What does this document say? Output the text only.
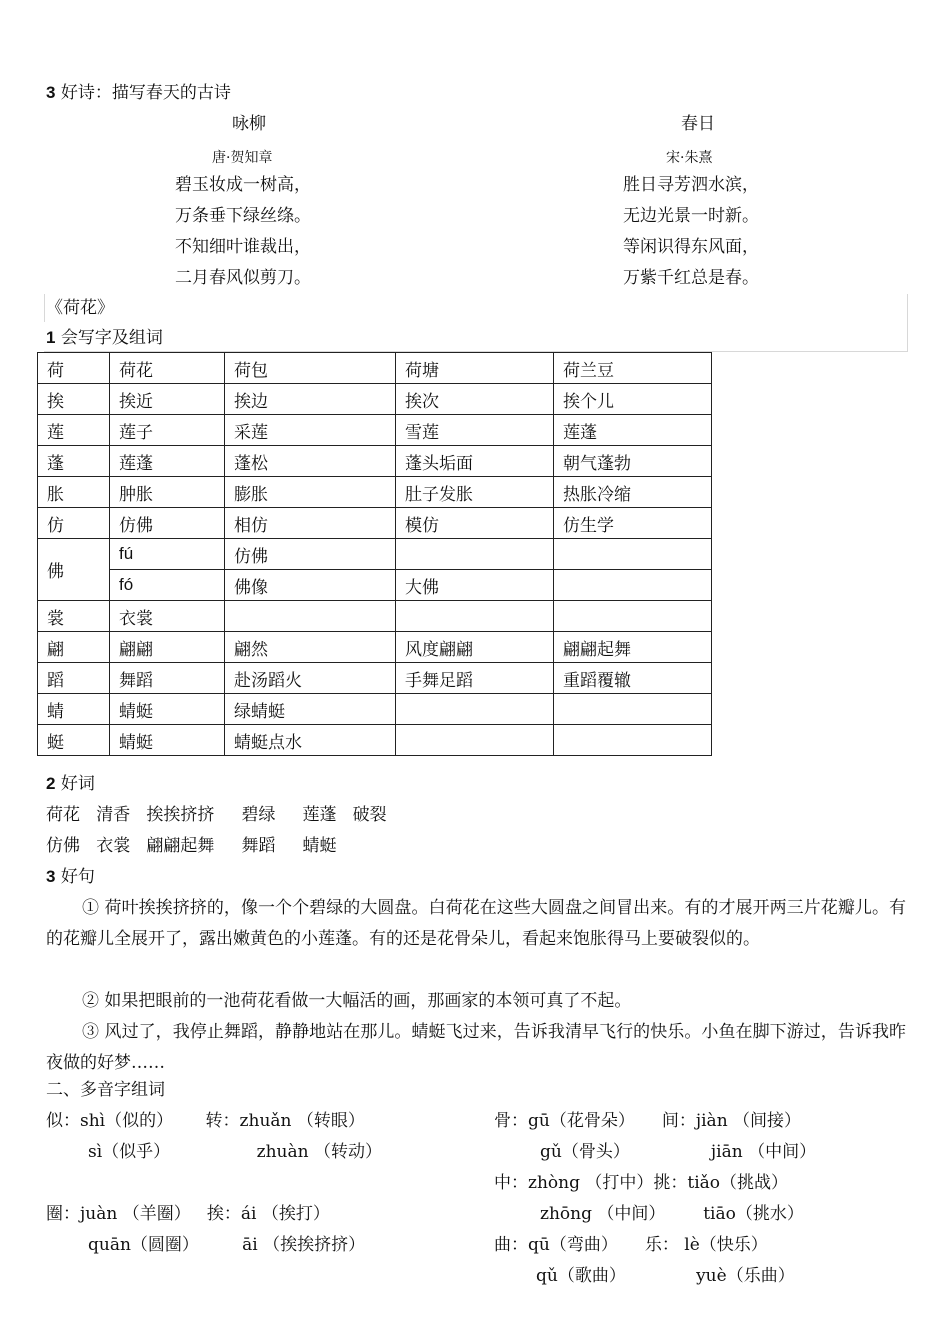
3 好诗：描写春天的古诗
咏柳
唐·贺知章
碧玉妆成一树高，
万条垂下绿丝绦。
不知细叶谁裁出，
二月春风似剪刀。
春日
宋·朱熹
胜日寻芳泗水滨，
无边光景一时新。
等闲识得东风面，
万紫千红总是春。
《荷花》
1 会写字及组词
荷	荷花	荷包	荷塘	荷兰豆
挨	挨近	挨边	挨次	挨个儿
莲	莲子	采莲	雪莲	莲蓬
蓬	莲蓬	蓬松	蓬头垢面	朝气蓬勃
胀	肿胀	膨胀	肚子发胀	热胀冷缩
仿	仿佛	相仿	模仿	仿生学
佛	fú	仿佛		
	fó	佛像	大佛	
裳	衣裳			
翩	翩翩	翩然	风度翩翩	翩翩起舞
蹈	舞蹈	赴汤蹈火	手舞足蹈	重蹈覆辙
蜻	蜻蜓	绿蜻蜓		
蜓	蜻蜓	蜻蜓点水		
2 好词
荷花   清香   挨挨挤挤     碧绿     莲蓬   破裂
仿佛   衣裳   翩翩起舞     舞蹈     蜻蜓
3 好句
① 荷叶挨挨挤挤的，像一个个碧绿的大圆盘。白荷花在这些大圆盘之间冒出来。有的才展开两三片花瓣儿。有的花瓣儿全展开了，露出嫩黄色的小莲蓬。有的还是花骨朵儿，看起来饱胀得马上要破裂似的。
② 如果把眼前的一池荷花看做一大幅活的画，那画家的本领可真了不起。
③ 风过了，我停止舞蹈，静静地站在那儿。蜻蜓飞过来，告诉我清早飞行的快乐。小鱼在脚下游过，告诉我昨夜做的好梦……
二、多音字组词
似：shì（似的）      转：zhuǎn （转眼）
sì（似乎）                zhuàn （转动）
圈：juàn （羊圈）   挨：ái （挨打）
quān（圆圈）        āi （挨挨挤挤）
骨：gū（花骨朵）     间：jiàn （间接）
gǔ（骨头）               jiān （中间）
中：zhòng （打中）挑：tiǎo（挑战）
zhōng （中间）       tiāo（挑水）
曲：qū（弯曲）     乐： lè（快乐）
qǔ（歌曲）             yuè（乐曲）
